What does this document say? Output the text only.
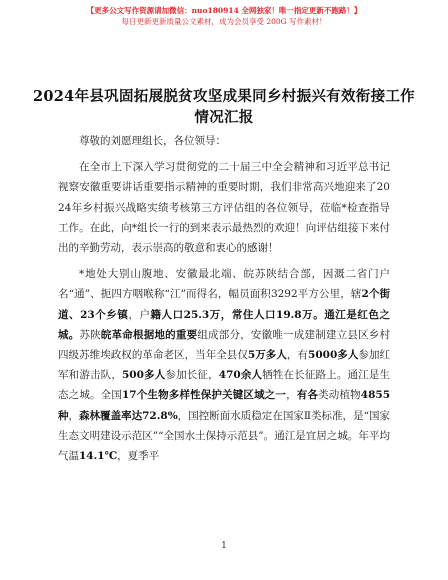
【更多公文写作资源请加微信：nuo180914 全网独家！唯一指定更新不跑路！】
每日更新更新质量公文素材，成为会员享受 200G 写作素材！
2024年县巩固拓展脱贫攻坚成果同乡村振兴有效衔接工作情况汇报

尊敬的刘愿理组长，各位领导：

在全市上下深入学习贯彻党的二十届三中全会精神和习近平总书记视察安徽重要讲话重要指示精神的重要时期，我们非常高兴地迎来了2024年乡村振兴战略实绩考核第三方评估组的各位领导，莅临*检查指导工作。在此，向*组长一行的到来表示最热烈的欢迎！向评估组接下来付出的辛勤劳动，表示崇高的敬意和衷心的感谢！

*地处大别山腹地、安徽最北端、皖苏陕结合部，因溉二省门户名“通”、扼四方咽喉称“江”而得名，幅员面积3292平方公里，辖2个街道、23个乡镇，户籍人口25.3万，常住人口19.8万。通江是红色之城。苏陕皖革命根据地的重要组成部分，安徽唯一成建制建立县区乡村四级苏维埃政权的革命老区，当年全县仅5万多人，有5000多人参加红军和游击队，500多人参加长征，470余人牺牲在长征路上。通江是生态之城。全国17个生物多样性保护关键区域之一，有各类动植物4855种，森林覆盖率达72.8%，国控断面水质稳定在国家Ⅱ类标准，是“国家生态文明建设示范区”“全国水土保持示范县”。通江是宜居之城。年平均气温14.1℃，夏季平

1
